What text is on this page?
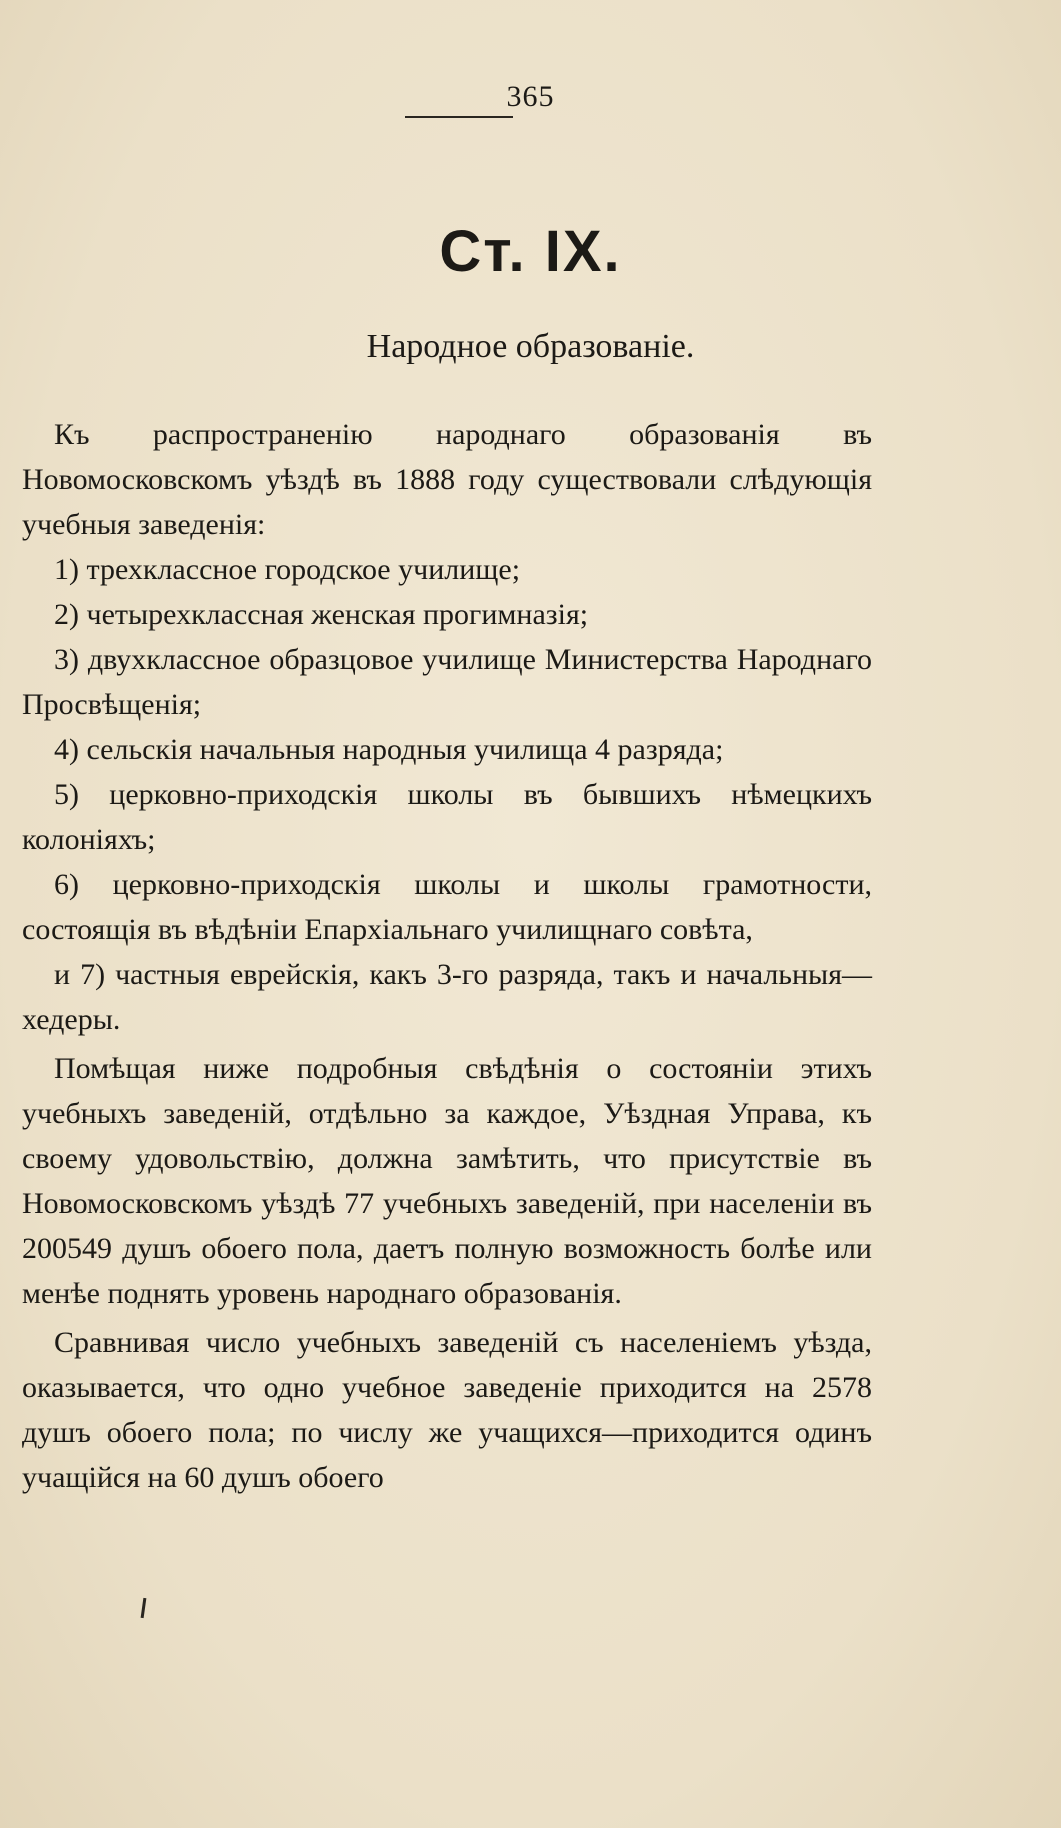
365
Ст. IX.
Народное образованіе.

Къ распространенію народнаго образованія въ Новомосковскомъ уѣздѣ въ 1888 году существовали слѣдующія учебныя заведенія:

1) трехклассное городское училище;

2) четырехклассная женская прогимназія;

3) двухклассное образцовое училище Министерства Народнаго Просвѣщенія;

4) сельскія начальныя народныя училища 4 разряда;

5) церковно-приходскія школы въ бывшихъ нѣмецкихъ колоніяхъ;

6) церковно-приходскія школы и школы грамотности, состоящія въ вѣдѣніи Епархіальнаго училищнаго совѣта,

и 7) частныя еврейскія, какъ 3-го разряда, такъ и начальныя—хедеры.

Помѣщая ниже подробныя свѣдѣнія о состояніи этихъ учебныхъ заведеній, отдѣльно за каждое, Уѣздная Управа, къ своему удовольствію, должна замѣтить, что присутствіе въ Новомосковскомъ уѣздѣ 77 учебныхъ заведеній, при населеніи въ 200549 душъ обоего пола, даетъ полную возможность болѣе или менѣе поднять уровень народнаго образованія.

Сравнивая число учебныхъ заведеній съ населеніемъ уѣзда, оказывается, что одно учебное заведеніе приходится на 2578 душъ обоего пола; по числу же учащихся—приходится одинъ учащійся на 60 душъ обоего
